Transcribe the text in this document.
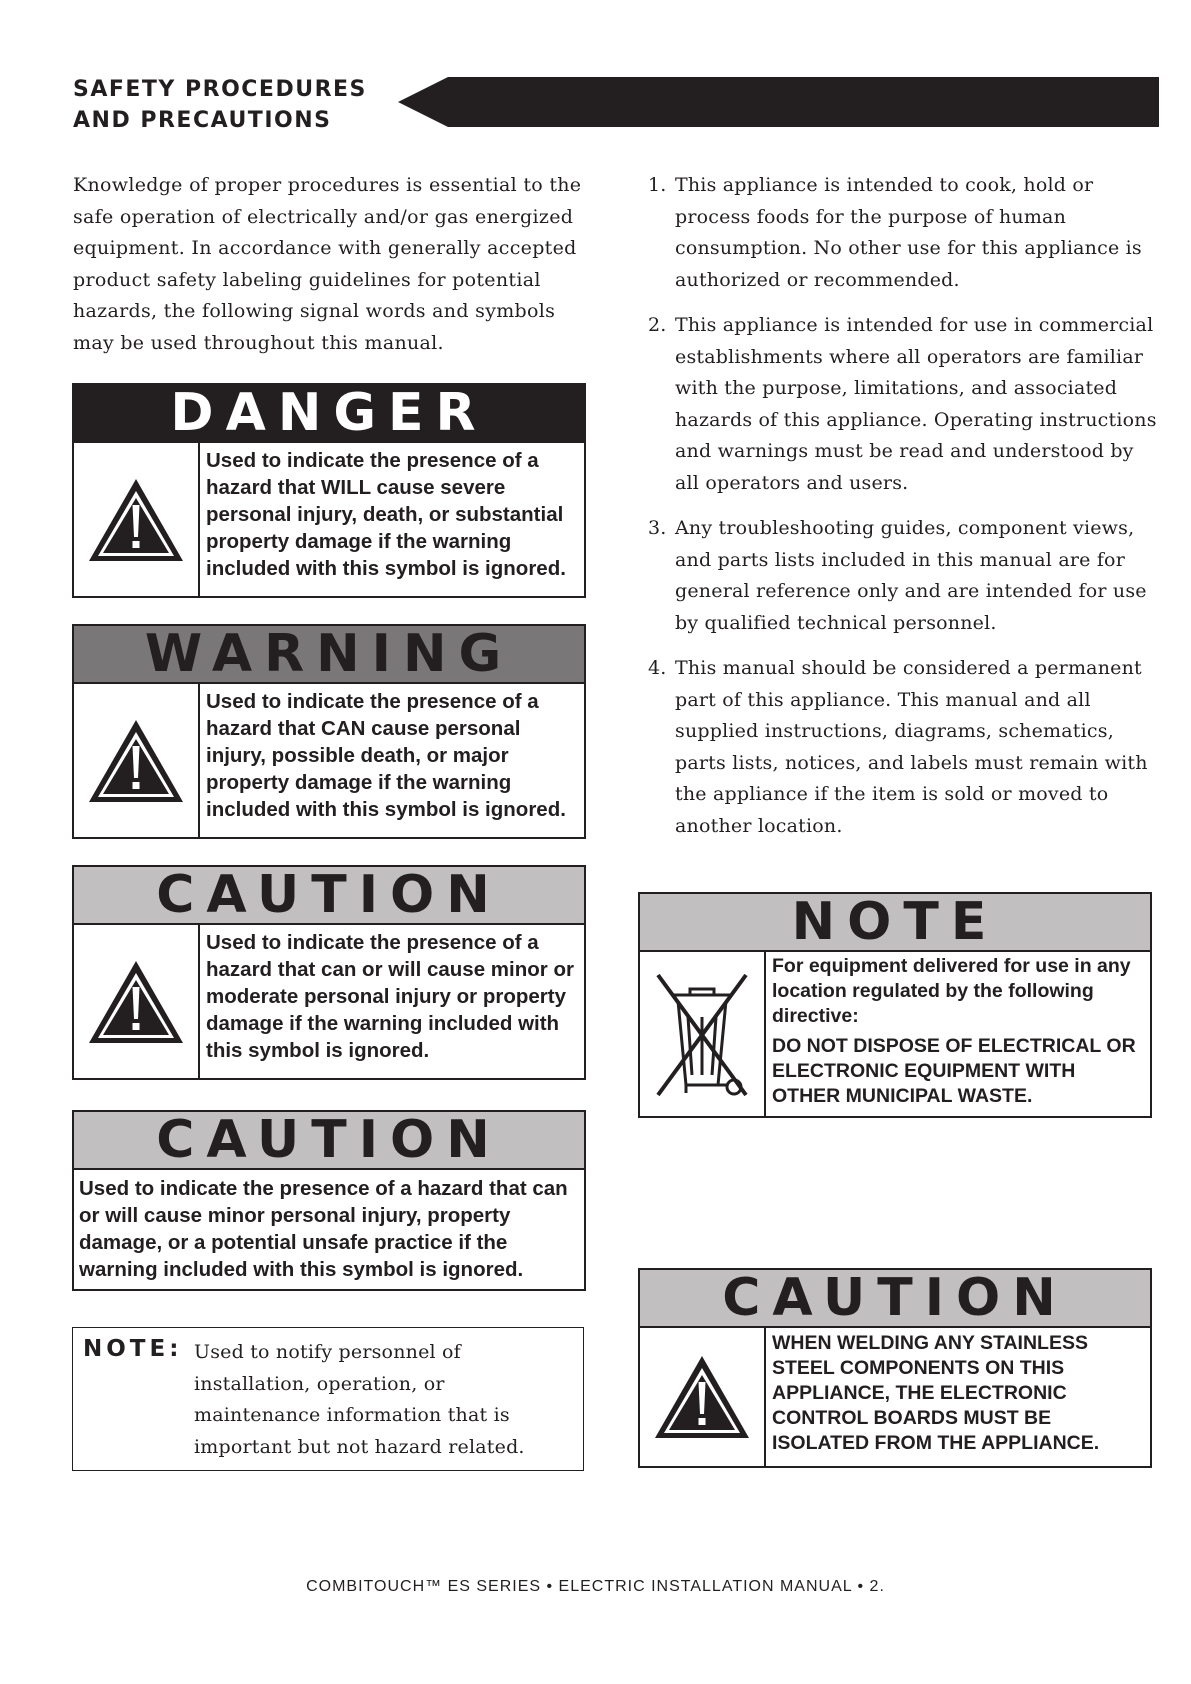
SAFETY PROCEDURES
AND PRECAUTIONS
Knowledge of proper procedures is essential to the safe operation of electrically and/or gas energized equipment. In accordance with generally accepted product safety labeling guidelines for potential hazards, the following signal words and symbols may be used throughout this manual.
DANGER
Used to indicate the presence of a hazard that WILL cause severe personal injury, death, or substantial property damage if the warning included with this symbol is ignored.
WARNING
Used to indicate the presence of a hazard that CAN cause personal injury, possible death, or major property damage if the warning included with this symbol is ignored.
CAUTION
Used to indicate the presence of a hazard that can or will cause minor or moderate personal injury or property damage if the warning included with this symbol is ignored.
CAUTION
Used to indicate the presence of a hazard that can or will cause minor personal injury, property damage, or a potential unsafe practice if the warning included with this symbol is ignored.
NOTE: Used to notify personnel of installation, operation, or maintenance information that is important but not hazard related.
1. This appliance is intended to cook, hold or process foods for the purpose of human consumption. No other use for this appliance is authorized or recommended.
2. This appliance is intended for use in commercial establishments where all operators are familiar with the purpose, limitations, and associated hazards of this appliance. Operating instructions and warnings must be read and understood by all operators and users.
3. Any troubleshooting guides, component views, and parts lists included in this manual are for general reference only and are intended for use by qualified technical personnel.
4. This manual should be considered a permanent part of this appliance. This manual and all supplied instructions, diagrams, schematics, parts lists, notices, and labels must remain with the appliance if the item is sold or moved to another location.
NOTE

For equipment delivered for use in any location regulated by the following directive:

DO NOT DISPOSE OF ELECTRICAL OR ELECTRONIC EQUIPMENT WITH OTHER MUNICIPAL WASTE.

CAUTION
WHEN WELDING ANY STAINLESS STEEL COMPONENTS ON THIS APPLIANCE, THE ELECTRONIC CONTROL BOARDS MUST BE ISOLATED FROM THE APPLIANCE.
COMBITOUCH™ ES SERIES • ELECTRIC INSTALLATION MANUAL • 2.
